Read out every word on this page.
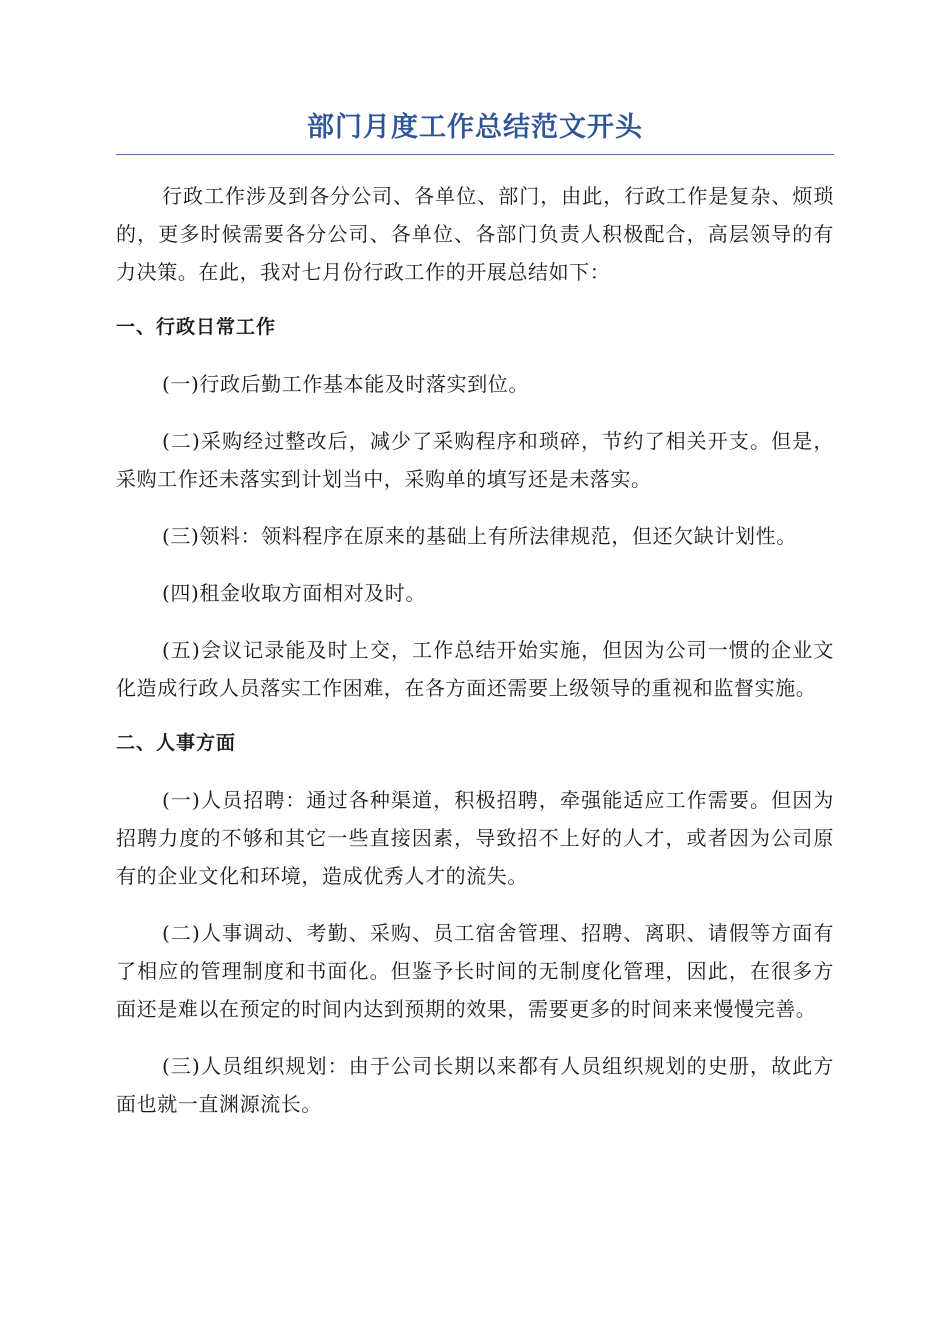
部门月度工作总结范文开头

行政工作涉及到各分公司、各单位、部门，由此，行政工作是复杂、烦琐的，更多时候需要各分公司、各单位、各部门负责人积极配合，高层领导的有力决策。在此，我对七月份行政工作的开展总结如下：

一、行政日常工作

(一)行政后勤工作基本能及时落实到位。

(二)采购经过整改后，减少了采购程序和琐碎，节约了相关开支。但是，采购工作还未落实到计划当中，采购单的填写还是未落实。

(三)领料：领料程序在原来的基础上有所法律规范，但还欠缺计划性。

(四)租金收取方面相对及时。

(五)会议记录能及时上交，工作总结开始实施，但因为公司一惯的企业文化造成行政人员落实工作困难，在各方面还需要上级领导的重视和监督实施。

二、人事方面

(一)人员招聘：通过各种渠道，积极招聘，牵强能适应工作需要。但因为招聘力度的不够和其它一些直接因素，导致招不上好的人才，或者因为公司原有的企业文化和环境，造成优秀人才的流失。

(二)人事调动、考勤、采购、员工宿舍管理、招聘、离职、请假等方面有了相应的管理制度和书面化。但鉴予长时间的无制度化管理，因此，在很多方面还是难以在预定的时间内达到预期的效果，需要更多的时间来来慢慢完善。

(三)人员组织规划：由于公司长期以来都有人员组织规划的史册，故此方面也就一直渊源流长。
